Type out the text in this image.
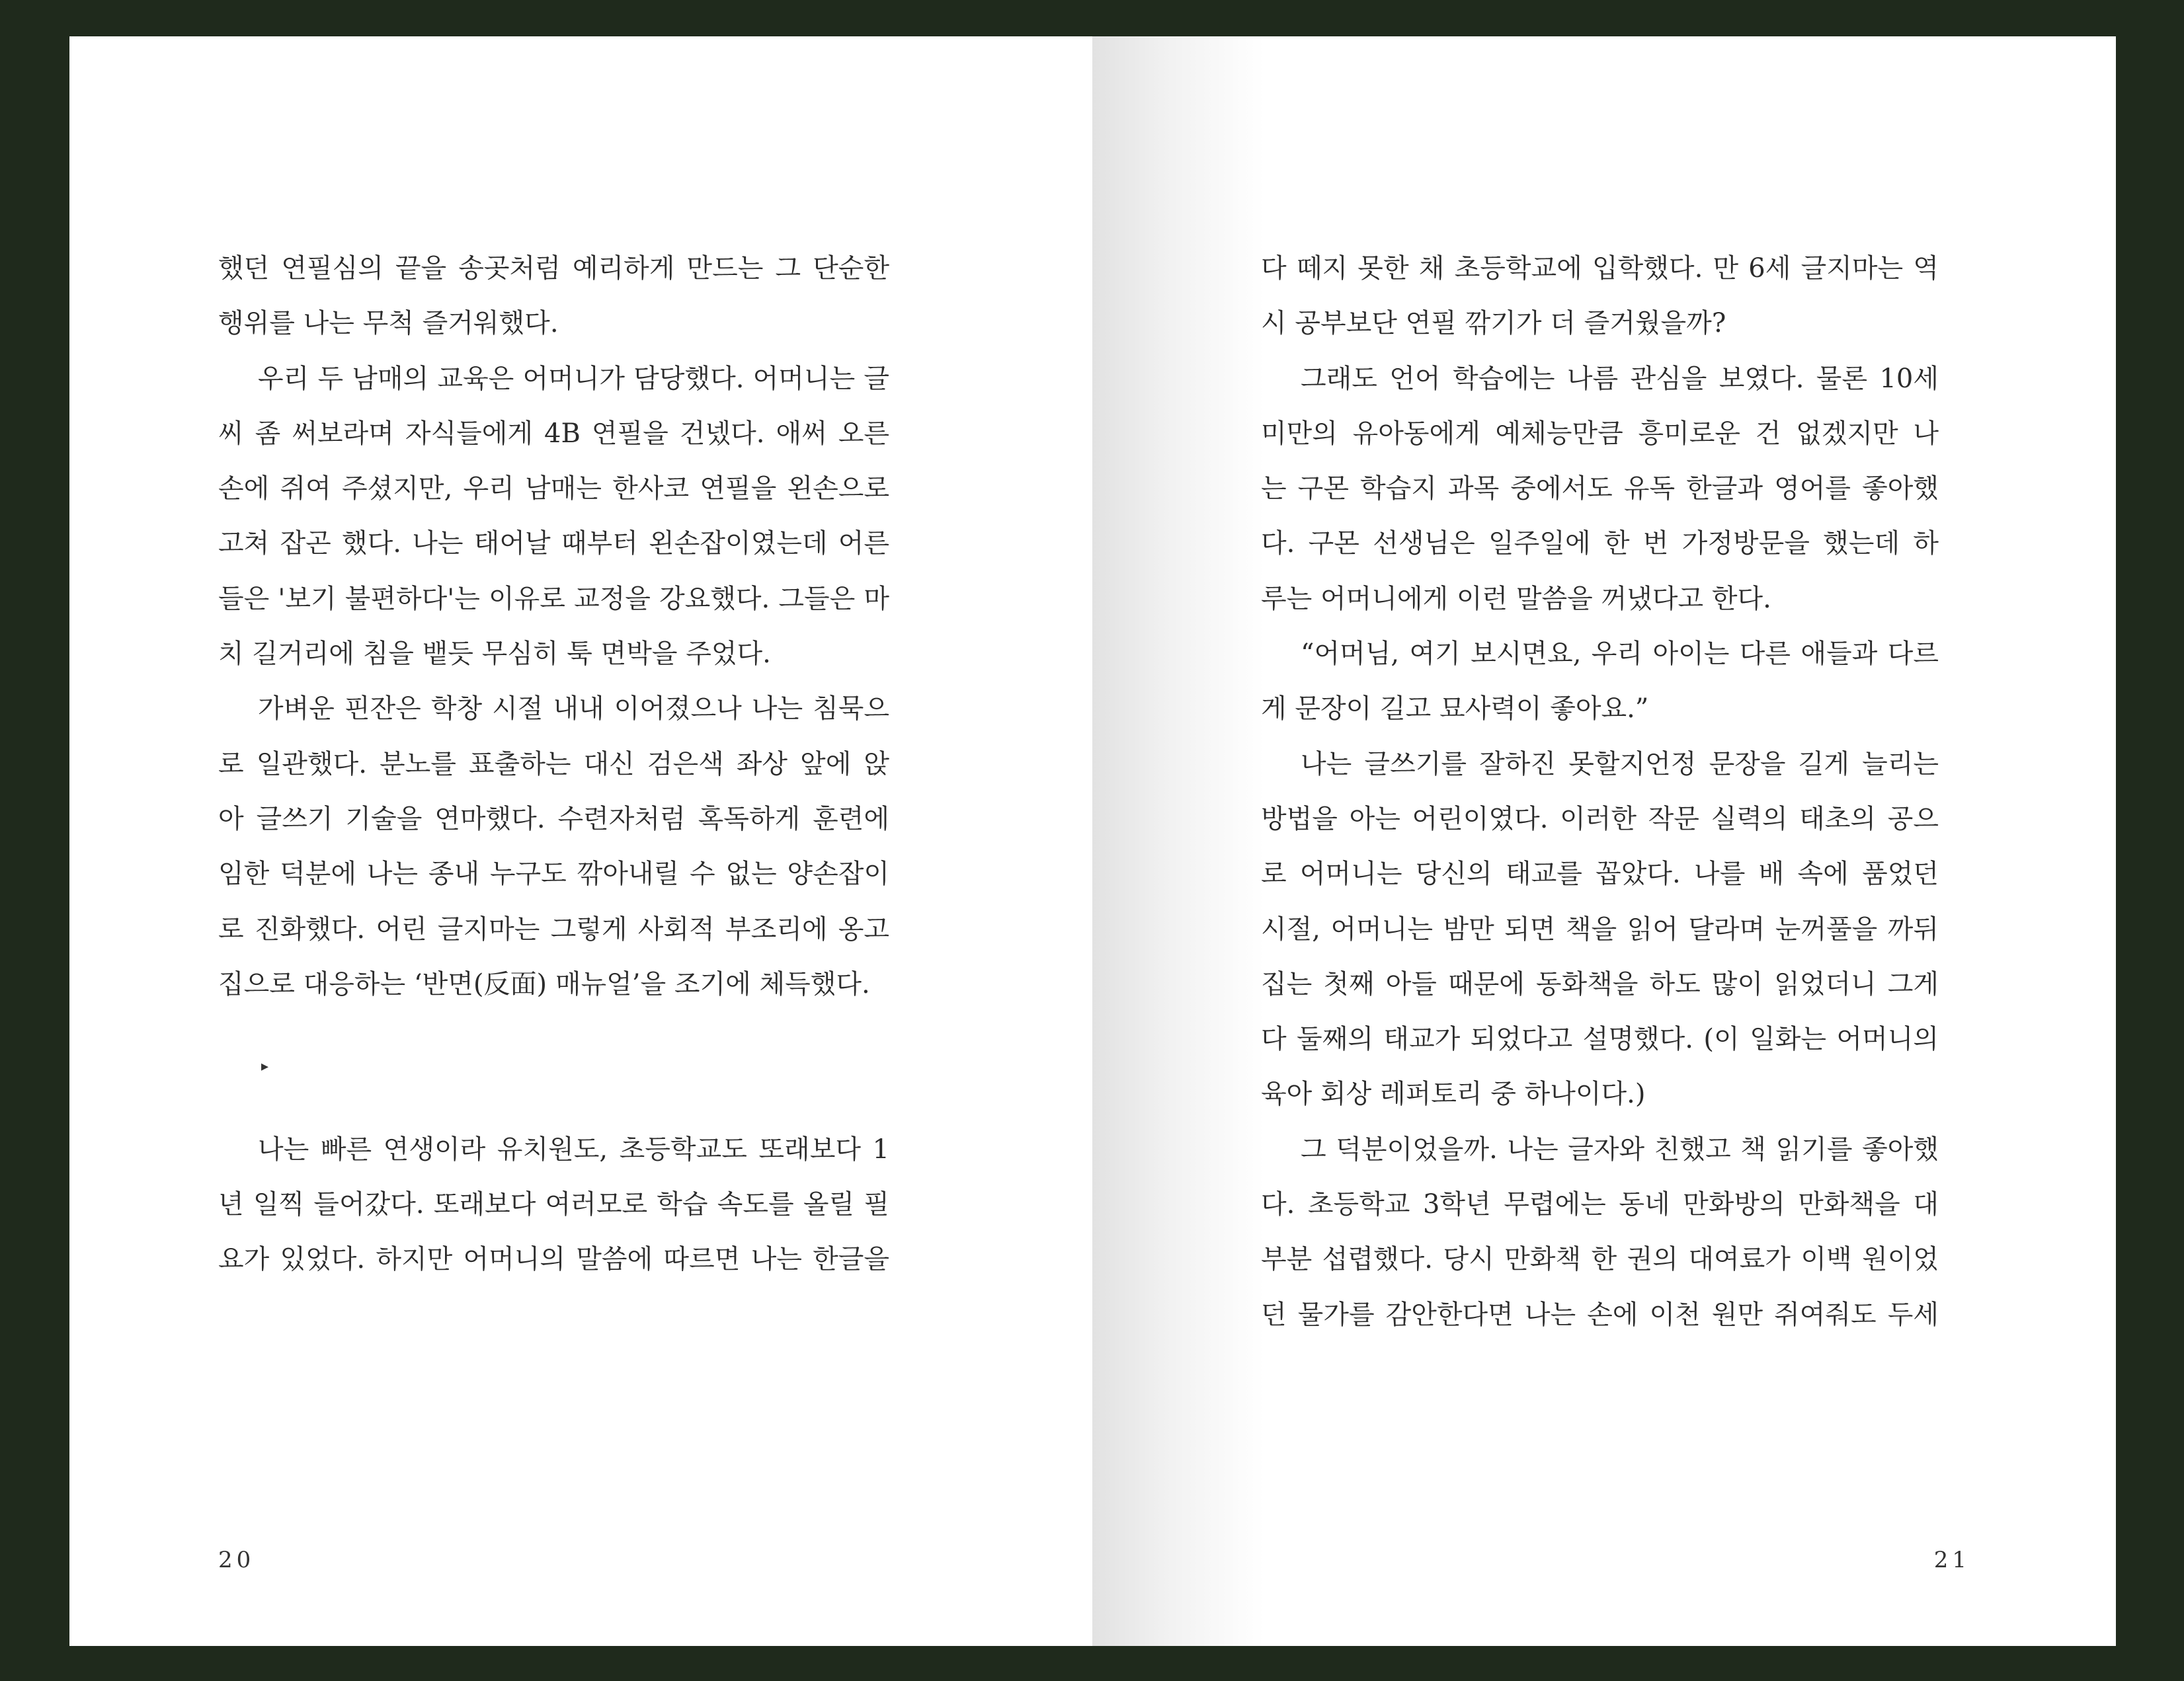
했던 연필심의 끝을 송곳처럼 예리하게 만드는 그 단순한
행위를 나는 무척 즐거워했다.
우리 두 남매의 교육은 어머니가 담당했다. 어머니는 글
씨 좀 써보라며 자식들에게 4B 연필을 건넸다. 애써 오른
손에 쥐여 주셨지만, 우리 남매는 한사코 연필을 왼손으로
고쳐 잡곤 했다. 나는 태어날 때부터 왼손잡이였는데 어른
들은 '보기 불편하다'는 이유로 교정을 강요했다. 그들은 마
치 길거리에 침을 뱉듯 무심히 툭 면박을 주었다.
가벼운 핀잔은 학창 시절 내내 이어졌으나 나는 침묵으
로 일관했다. 분노를 표출하는 대신 검은색 좌상 앞에 앉
아 글쓰기 기술을 연마했다. 수련자처럼 혹독하게 훈련에
임한 덕분에 나는 종내 누구도 깎아내릴 수 없는 양손잡이
로 진화했다. 어린 글지마는 그렇게 사회적 부조리에 옹고
집으로 대응하는 ‘반면(反面) 매뉴얼’을 조기에 체득했다.
▸
나는 빠른 연생이라 유치원도, 초등학교도 또래보다 1
년 일찍 들어갔다. 또래보다 여러모로 학습 속도를 올릴 필
요가 있었다. 하지만 어머니의 말씀에 따르면 나는 한글을
20
다 떼지 못한 채 초등학교에 입학했다. 만 6세 글지마는 역
시 공부보단 연필 깎기가 더 즐거웠을까?
그래도 언어 학습에는 나름 관심을 보였다. 물론 10세
미만의 유아동에게 예체능만큼 흥미로운 건 없겠지만 나
는 구몬 학습지 과목 중에서도 유독 한글과 영어를 좋아했
다. 구몬 선생님은 일주일에 한 번 가정방문을 했는데 하
루는 어머니에게 이런 말씀을 꺼냈다고 한다.
“어머님, 여기 보시면요, 우리 아이는 다른 애들과 다르
게 문장이 길고 묘사력이 좋아요.”
나는 글쓰기를 잘하진 못할지언정 문장을 길게 늘리는
방법을 아는 어린이였다. 이러한 작문 실력의 태초의 공으
로 어머니는 당신의 태교를 꼽았다. 나를 배 속에 품었던
시절, 어머니는 밤만 되면 책을 읽어 달라며 눈꺼풀을 까뒤
집는 첫째 아들 때문에 동화책을 하도 많이 읽었더니 그게
다 둘째의 태교가 되었다고 설명했다. (이 일화는 어머니의
육아 회상 레퍼토리 중 하나이다.)
그 덕분이었을까. 나는 글자와 친했고 책 읽기를 좋아했
다. 초등학교 3학년 무렵에는 동네 만화방의 만화책을 대
부분 섭렵했다. 당시 만화책 한 권의 대여료가 이백 원이었
던 물가를 감안한다면 나는 손에 이천 원만 쥐여줘도 두세
21
